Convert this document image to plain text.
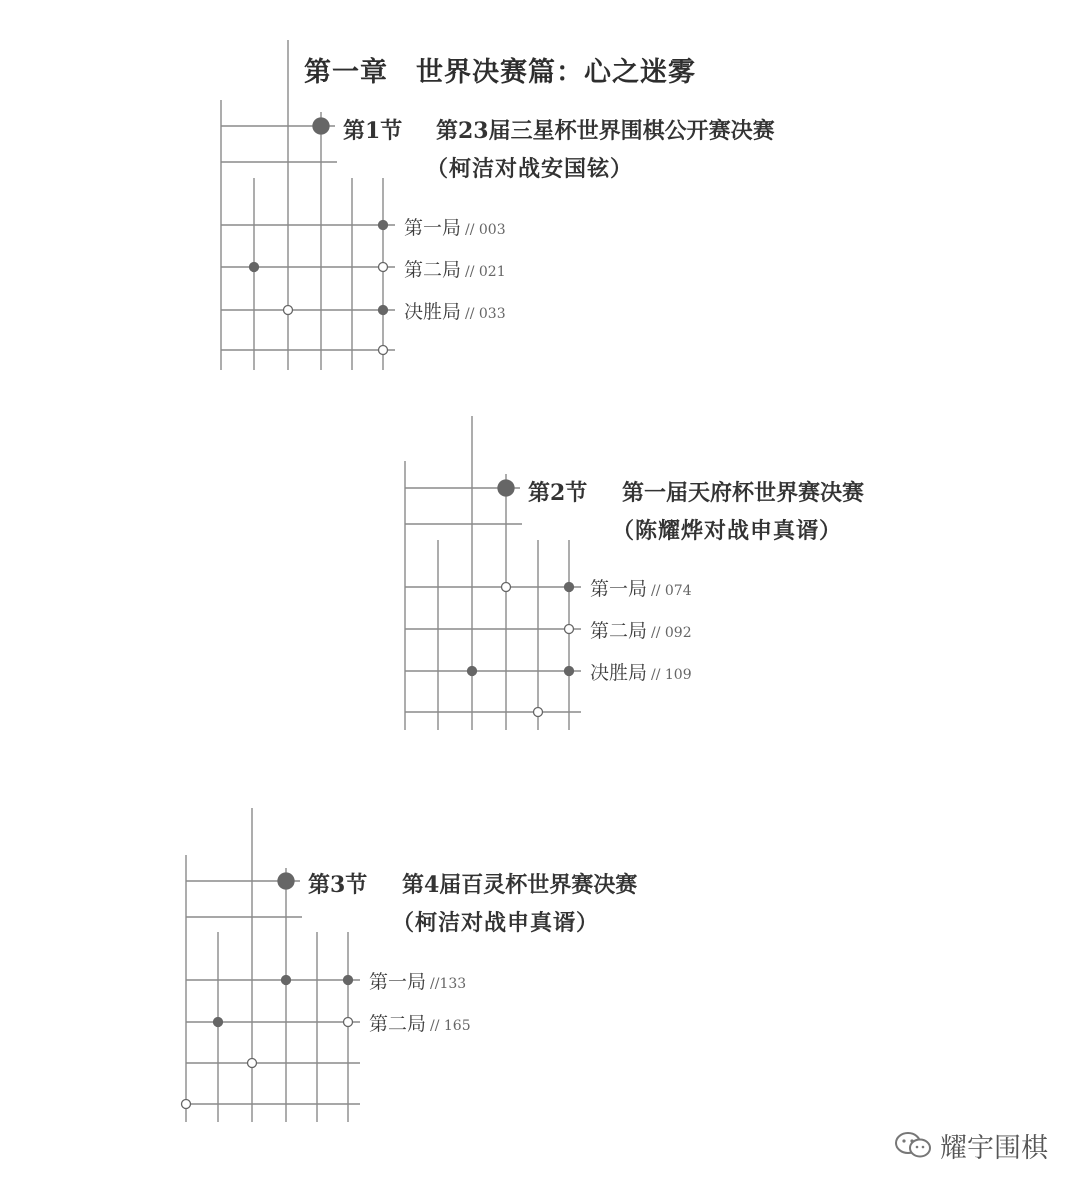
第一章　世界决赛篇：心之迷雾
第1节 第23届三星杯世界围棋公开赛决赛
（柯洁对战安国铉）
第一局 // 003
第二局 // 021
决胜局 // 033
第2节 第一届天府杯世界赛决赛
（陈耀烨对战申真谞）
第一局 // 074
第二局 // 092
决胜局 // 109
第3节 第4届百灵杯世界赛决赛
（柯洁对战申真谞）
第一局 //133
第二局 // 165
耀宇围棋
